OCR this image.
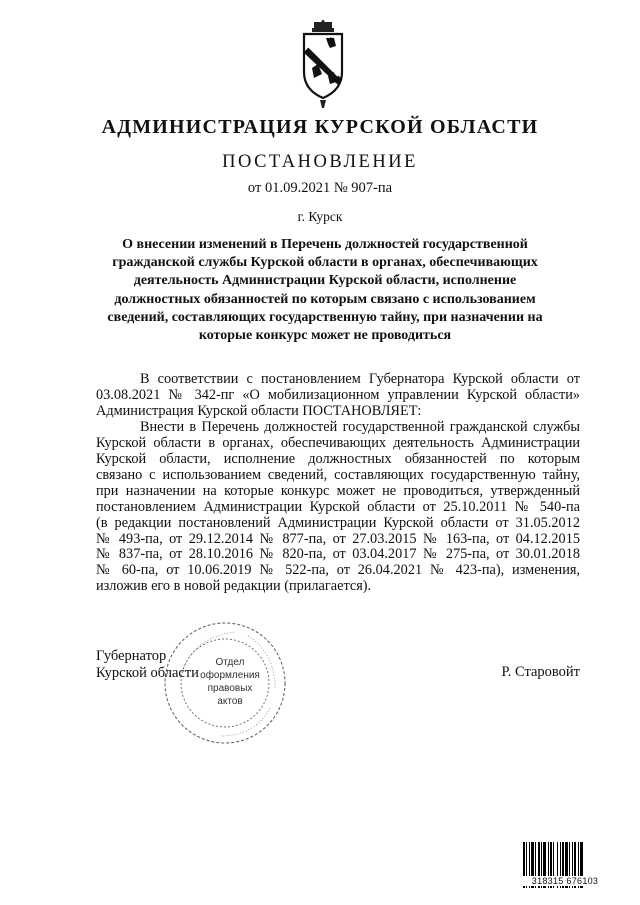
АДМИНИСТРАЦИЯ КУРСКОЙ ОБЛАСТИ
ПОСТАНОВЛЕНИЕ
от 01.09.2021 № 907-па
г. Курск
О внесении изменений в Перечень должностей государственной
гражданской службы Курской области в органах, обеспечивающих
деятельность Администрации Курской области, исполнение
должностных обязанностей по которым связано с использованием
сведений, составляющих государственную тайну, при назначении на
которые конкурс может не проводиться
В соответствии с постановлением Губернатора Курской области от
03.08.2021 № 342-пг «О мобилизационном управлении Курской области»
Администрация Курской области ПОСТАНОВЛЯЕТ:
Внести в Перечень должностей государственной гражданской службы
Курской области в органах, обеспечивающих деятельность Администрации
Курской области, исполнение должностных обязанностей по которым
связано с использованием сведений, составляющих государственную тайну,
при назначении на которые конкурс может не проводиться, утвержденный
постановлением Администрации Курской области от 25.10.2011 № 540-па
(в редакции постановлений Администрации Курской области от 31.05.2012
№ 493-па, от 29.12.2014 № 877-па, от 27.03.2015 № 163-па, от 04.12.2015
№ 837-па, от 28.10.2016 № 820-па, от 03.04.2017 № 275-па, от 30.01.2018
№ 60-па, от 10.06.2019 № 522-па, от 26.04.2021 № 423-па), изменения,
изложив его в новой редакции (прилагается).
Отдел
оформления
правовых
актов
Губернатор
Курской области	Р. Старовойт
318315 676103
